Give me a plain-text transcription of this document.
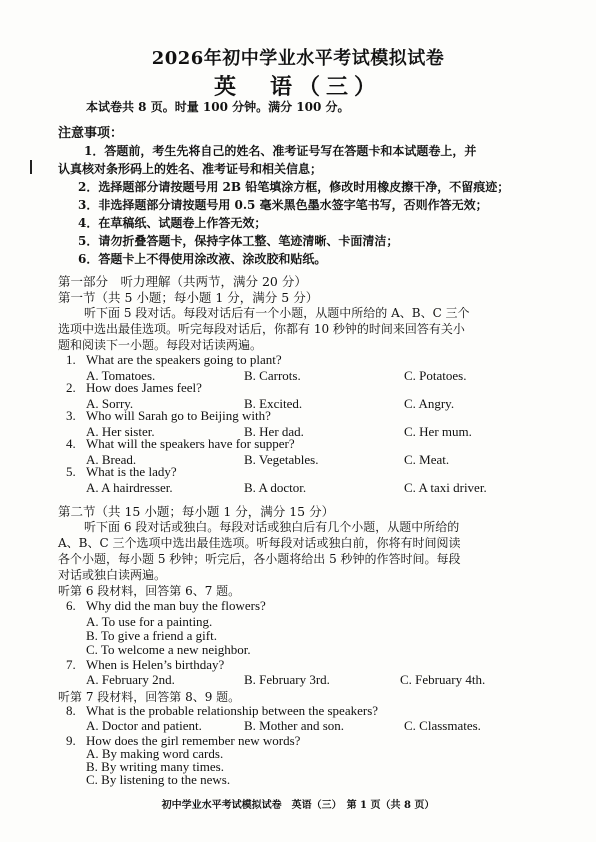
2026年初中学业水平考试模拟试卷
英　语（三）
本试卷共 8 页。时量 100 分钟。满分 100 分。
注意事项：
1．答题前，考生先将自己的姓名、准考证号写在答题卡和本试题卷上，并
认真核对条形码上的姓名、准考证号和相关信息；
2．选择题部分请按题号用 2B 铅笔填涂方框，修改时用橡皮擦干净，不留痕迹；
3．非选择题部分请按题号用 0.5 毫米黑色墨水签字笔书写，否则作答无效；
4．在草稿纸、试题卷上作答无效；
5．请勿折叠答题卡，保持字体工整、笔迹清晰、卡面清洁；
6．答题卡上不得使用涂改液、涂改胶和贴纸。
第一部分　听力理解（共两节，满分 20 分）
第一节（共 5 小题；每小题 1 分，满分 5 分）
听下面 5 段对话。每段对话后有一个小题，从题中所给的 A、B、C 三个
选项中选出最佳选项。听完每段对话后，你都有 10 秒钟的时间来回答有关小
题和阅读下一小题。每段对话读两遍。
1. What are the speakers going to plant?
A. Tomatoes.	B. Carrots.	C. Potatoes.
2. How does James feel?
A. Sorry.	B. Excited.	C. Angry.
3. Who will Sarah go to Beijing with?
A. Her sister.	B. Her dad.	C. Her mum.
4. What will the speakers have for supper?
A. Bread.	B. Vegetables.	C. Meat.
5. What is the lady?
A. A hairdresser.	B. A doctor.	C. A taxi driver.
第二节（共 15 小题；每小题 1 分，满分 15 分）
听下面 6 段对话或独白。每段对话或独白后有几个小题，从题中所给的
A、B、C 三个选项中选出最佳选项。听每段对话或独白前，你将有时间阅读
各个小题，每小题 5 秒钟；听完后，各小题将给出 5 秒钟的作答时间。每段
对话或独白读两遍。
听第 6 段材料，回答第 6、7 题。
6. Why did the man buy the flowers?
A. To use for a painting.
B. To give a friend a gift.
C. To welcome a new neighbor.
7. When is Helen’s birthday?
A. February 2nd.	B. February 3rd.	C. February 4th.
听第 7 段材料，回答第 8、9 题。
8. What is the probable relationship between the speakers?
A. Doctor and patient.	B. Mother and son.	C. Classmates.
9. How does the girl remember new words?
A. By making word cards.
B. By writing many times.
C. By listening to the news.
初中学业水平考试模拟试卷　英语（三）　第 1 页（共 8 页）
